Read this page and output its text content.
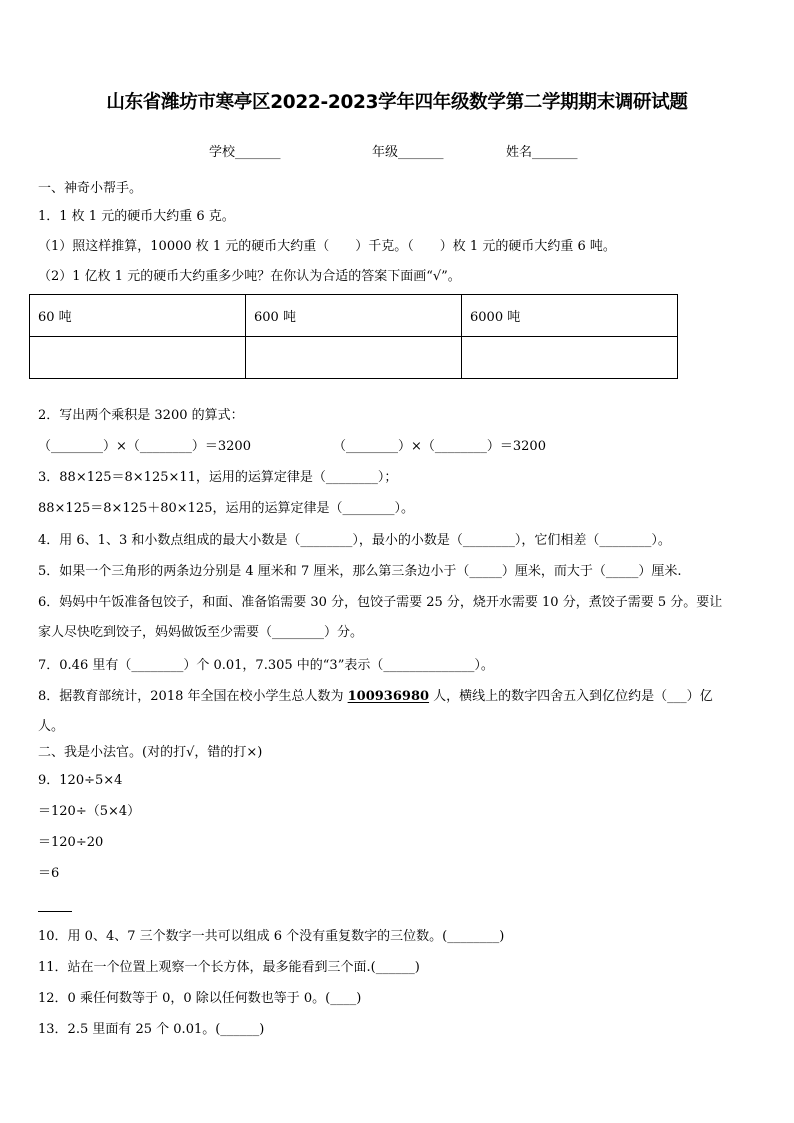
山东省潍坊市寒亭区2022-2023学年四年级数学第二学期期末调研试题
学校_______	年级_______	姓名_______
一、神奇小帮手。
1．1 枚 1 元的硬币大约重 6 克。
（1）照这样推算，10000 枚 1 元的硬币大约重（　　）千克。（　　）枚 1 元的硬币大约重 6 吨。
（2）1 亿枚 1 元的硬币大约重多少吨？在你认为合适的答案下面画“√”。
60 吨	600 吨	6000 吨

2．写出两个乘积是 3200 的算式：
（________）×（________）＝3200	（________）×（________）＝3200
3．88×125＝8×125×11，运用的运算定律是（________）；
88×125＝8×125＋80×125，运用的运算定律是（________）。
4．用 6、1、3 和小数点组成的最大小数是（________），最小的小数是（________），它们相差（________）。
5．如果一个三角形的两条边分别是 4 厘米和 7 厘米，那么第三条边小于（_____）厘米，而大于（_____）厘米.
6．妈妈中午饭准备包饺子，和面、准备馅需要 30 分，包饺子需要 25 分，烧开水需要 10 分，煮饺子需要 5 分。要让
家人尽快吃到饺子，妈妈做饭至少需要（________）分。
7．0.46 里有（________）个 0.01，7.305 中的“3”表示（______________）。
8．据教育部统计，2018 年全国在校小学生总人数为 100936980 人，横线上的数字四舍五入到亿位约是（___）亿
人。
二、我是小法官。(对的打√，错的打×)
9．120÷5×4
＝120÷（5×4）
＝120÷20
＝6
10．用 0、4、7 三个数字一共可以组成 6 个没有重复数字的三位数。(________)
11．站在一个位置上观察一个长方体，最多能看到三个面.(______)
12．0 乘任何数等于 0，0 除以任何数也等于 0。(____)
13．2.5 里面有 25 个 0.01。(______)
